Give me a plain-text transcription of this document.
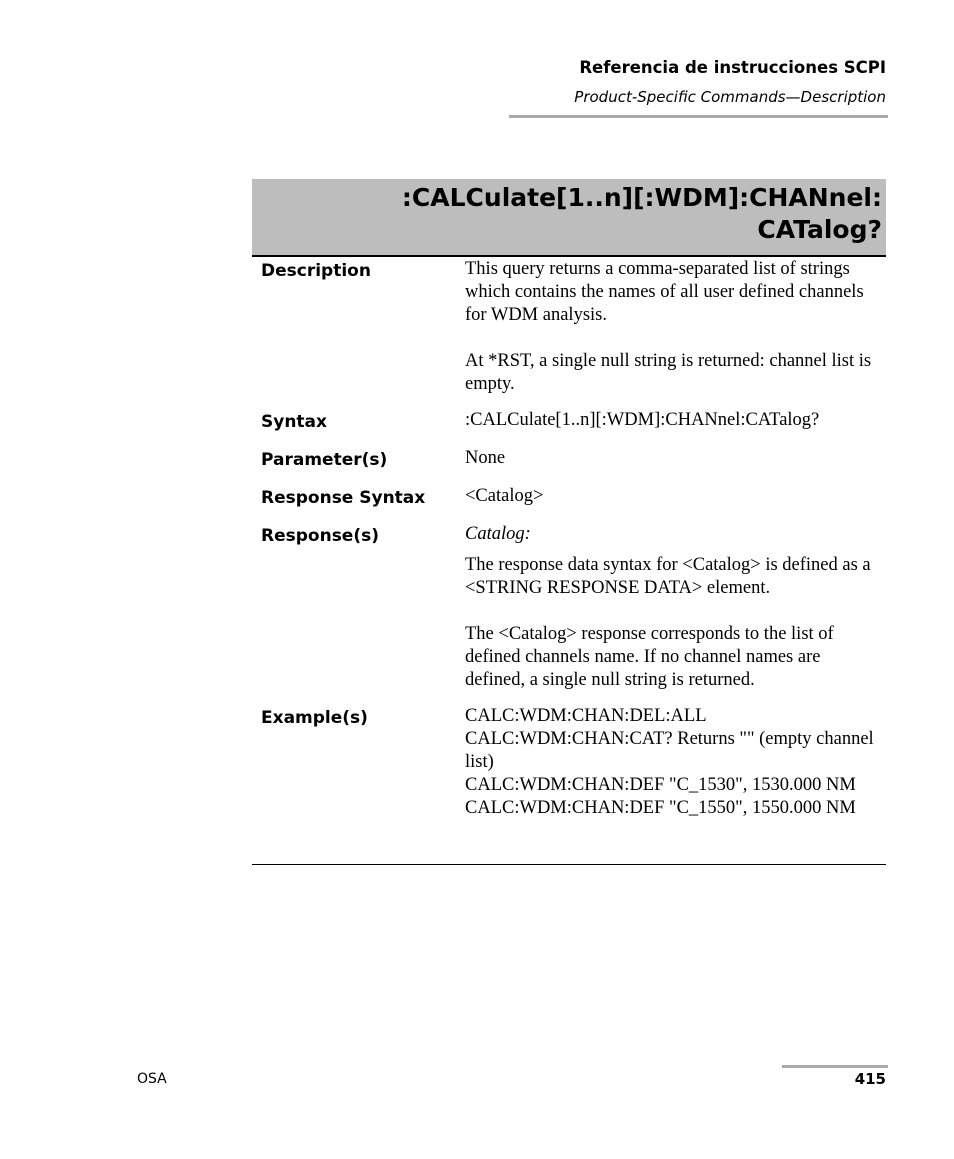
Referencia de instrucciones SCPI
Product-Specific Commands—Description
:CALCulate[1..n][:WDM]:CHANnel:
CATalog?
Description	This query returns a comma-separated list of strings which contains the names of all user defined channels for WDM analysis.

At *RST, a single null string is returned: channel list is empty.

Syntax	:CALCulate[1..n][:WDM]:CHANnel:CATalog?
Parameter(s)	None
Response Syntax	<Catalog>
Response(s)	Catalog:

The response data syntax for <Catalog> is defined as a <STRING RESPONSE DATA> element.

The <Catalog> response corresponds to the list of defined channels name. If no channel names are defined, a single null string is returned.

Example(s)	CALC:WDM:CHAN:DEL:ALL

CALC:WDM:CHAN:CAT? Returns "" (empty channel list)

CALC:WDM:CHAN:DEF "C_1530", 1530.000 NM

CALC:WDM:CHAN:DEF "C_1550", 1550.000 NM

OSA	415
